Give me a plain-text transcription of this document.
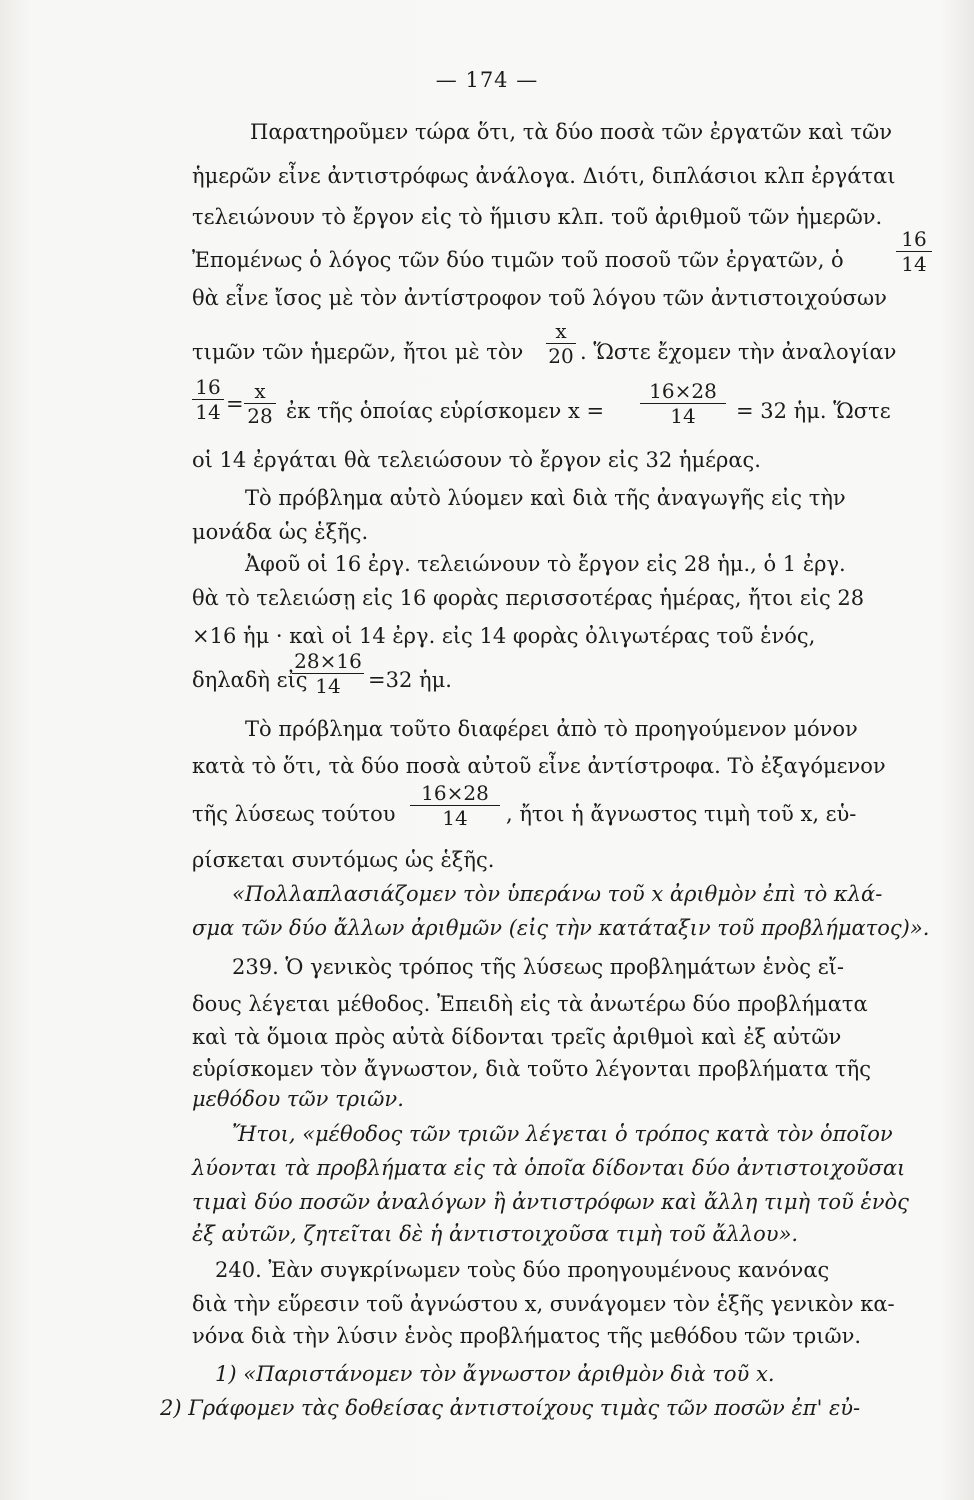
— 174 —
Παρατηροῦμεν τώρα ὅτι, τὰ δύο ποσὰ τῶν ἐργατῶν καὶ τῶν
ἡμερῶν εἶνε ἀντιστρόφως ἀνάλογα. Διότι, διπλάσιοι κλπ ἐργάται
τελειώνουν τὸ ἔργον εἰς τὸ ἥμισυ κλπ. τοῦ ἀριθμοῦ τῶν ἡμερῶν.
Ἐπομένως ὁ λόγος τῶν δύο τιμῶν τοῦ ποσοῦ τῶν ἐργατῶν, ὁ
16
14
θὰ εἶνε ἴσος μὲ τὸν ἀντίστροφον τοῦ λόγου τῶν ἀντιστοιχούσων
τιμῶν τῶν ἡμερῶν, ἤτοι μὲ τὸν
x
20 . Ὥστε ἔχομεν τὴν ἀναλογίαν
16
14 =
x
28 ἐκ τῆς ὁποίας εὑρίσκομεν x =
16×28
14	= 32 ἡμ. Ὥστε
οἱ 14 ἐργάται θὰ τελειώσουν τὸ ἔργον εἰς 32 ἡμέρας.
Τὸ πρόβλημα αὐτὸ λύομεν καὶ διὰ τῆς ἀναγωγῆς εἰς τὴν
μονάδα ὡς ἑξῆς.
Ἀφοῦ οἱ 16 ἐργ. τελειώνουν τὸ ἔργον εἰς 28 ἡμ., ὁ 1 ἐργ.
θὰ τὸ τελειώσῃ εἰς 16 φορὰς περισσοτέρας ἡμέρας, ἤτοι εἰς 28
×16 ἡμ · καὶ οἱ 14 ἐργ. εἰς 14 φορὰς ὀλιγωτέρας τοῦ ἑνός,
δηλαδὴ εἰς
28×16
14	=32 ἡμ.
Τὸ πρόβλημα τοῦτο διαφέρει ἀπὸ τὸ προηγούμενον μόνον
κατὰ τὸ ὅτι, τὰ δύο ποσὰ αὐτοῦ εἶνε ἀντίστροφα. Τὸ ἐξαγόμενον
τῆς λύσεως τούτου
16×28
14	, ἤτοι ἡ ἄγνωστος τιμὴ τοῦ x, εὑ-
ρίσκεται συντόμως ὡς ἑξῆς.
«Πολλαπλασιάζομεν τὸν ὑπεράνω τοῦ x ἀριθμὸν ἐπὶ τὸ κλά-
σμα τῶν δύο ἄλλων ἀριθμῶν (εἰς τὴν κατάταξιν τοῦ προβλήματος)».
239. Ὁ γενικὸς τρόπος τῆς λύσεως προβλημάτων ἑνὸς εἴ-
δους λέγεται μέθοδος. Ἐπειδὴ εἰς τὰ ἀνωτέρω δύο προβλήματα
καὶ τὰ ὅμοια πρὸς αὐτὰ δίδονται τρεῖς ἀριθμοὶ καὶ ἐξ αὐτῶν
εὑρίσκομεν τὸν ἄγνωστον, διὰ τοῦτο λέγονται προβλήματα τῆς
μεθόδου τῶν τριῶν.
Ἤτοι, «μέθοδος τῶν τριῶν λέγεται ὁ τρόπος κατὰ τὸν ὁποῖον
λύονται τὰ προβλήματα εἰς τὰ ὁποῖα δίδονται δύο ἀντιστοιχοῦσαι
τιμαὶ δύο ποσῶν ἀναλόγων ἢ ἀντιστρόφων καὶ ἄλλη τιμὴ τοῦ ἑνὸς
ἐξ αὐτῶν, ζητεῖται δὲ ἡ ἀντιστοιχοῦσα τιμὴ τοῦ ἄλλου».
240. Ἐὰν συγκρίνωμεν τοὺς δύο προηγουμένους κανόνας
διὰ τὴν εὕρεσιν τοῦ ἀγνώστου x, συνάγομεν τὸν ἑξῆς γενικὸν κα-
νόνα διὰ τὴν λύσιν ἑνὸς προβλήματος τῆς μεθόδου τῶν τριῶν.
1) «Παριστάνομεν τὸν ἄγνωστον ἀριθμὸν διὰ τοῦ x.
2) Γράφομεν τὰς δοθείσας ἀντιστοίχους τιμὰς τῶν ποσῶν ἐπ' εὐ-
